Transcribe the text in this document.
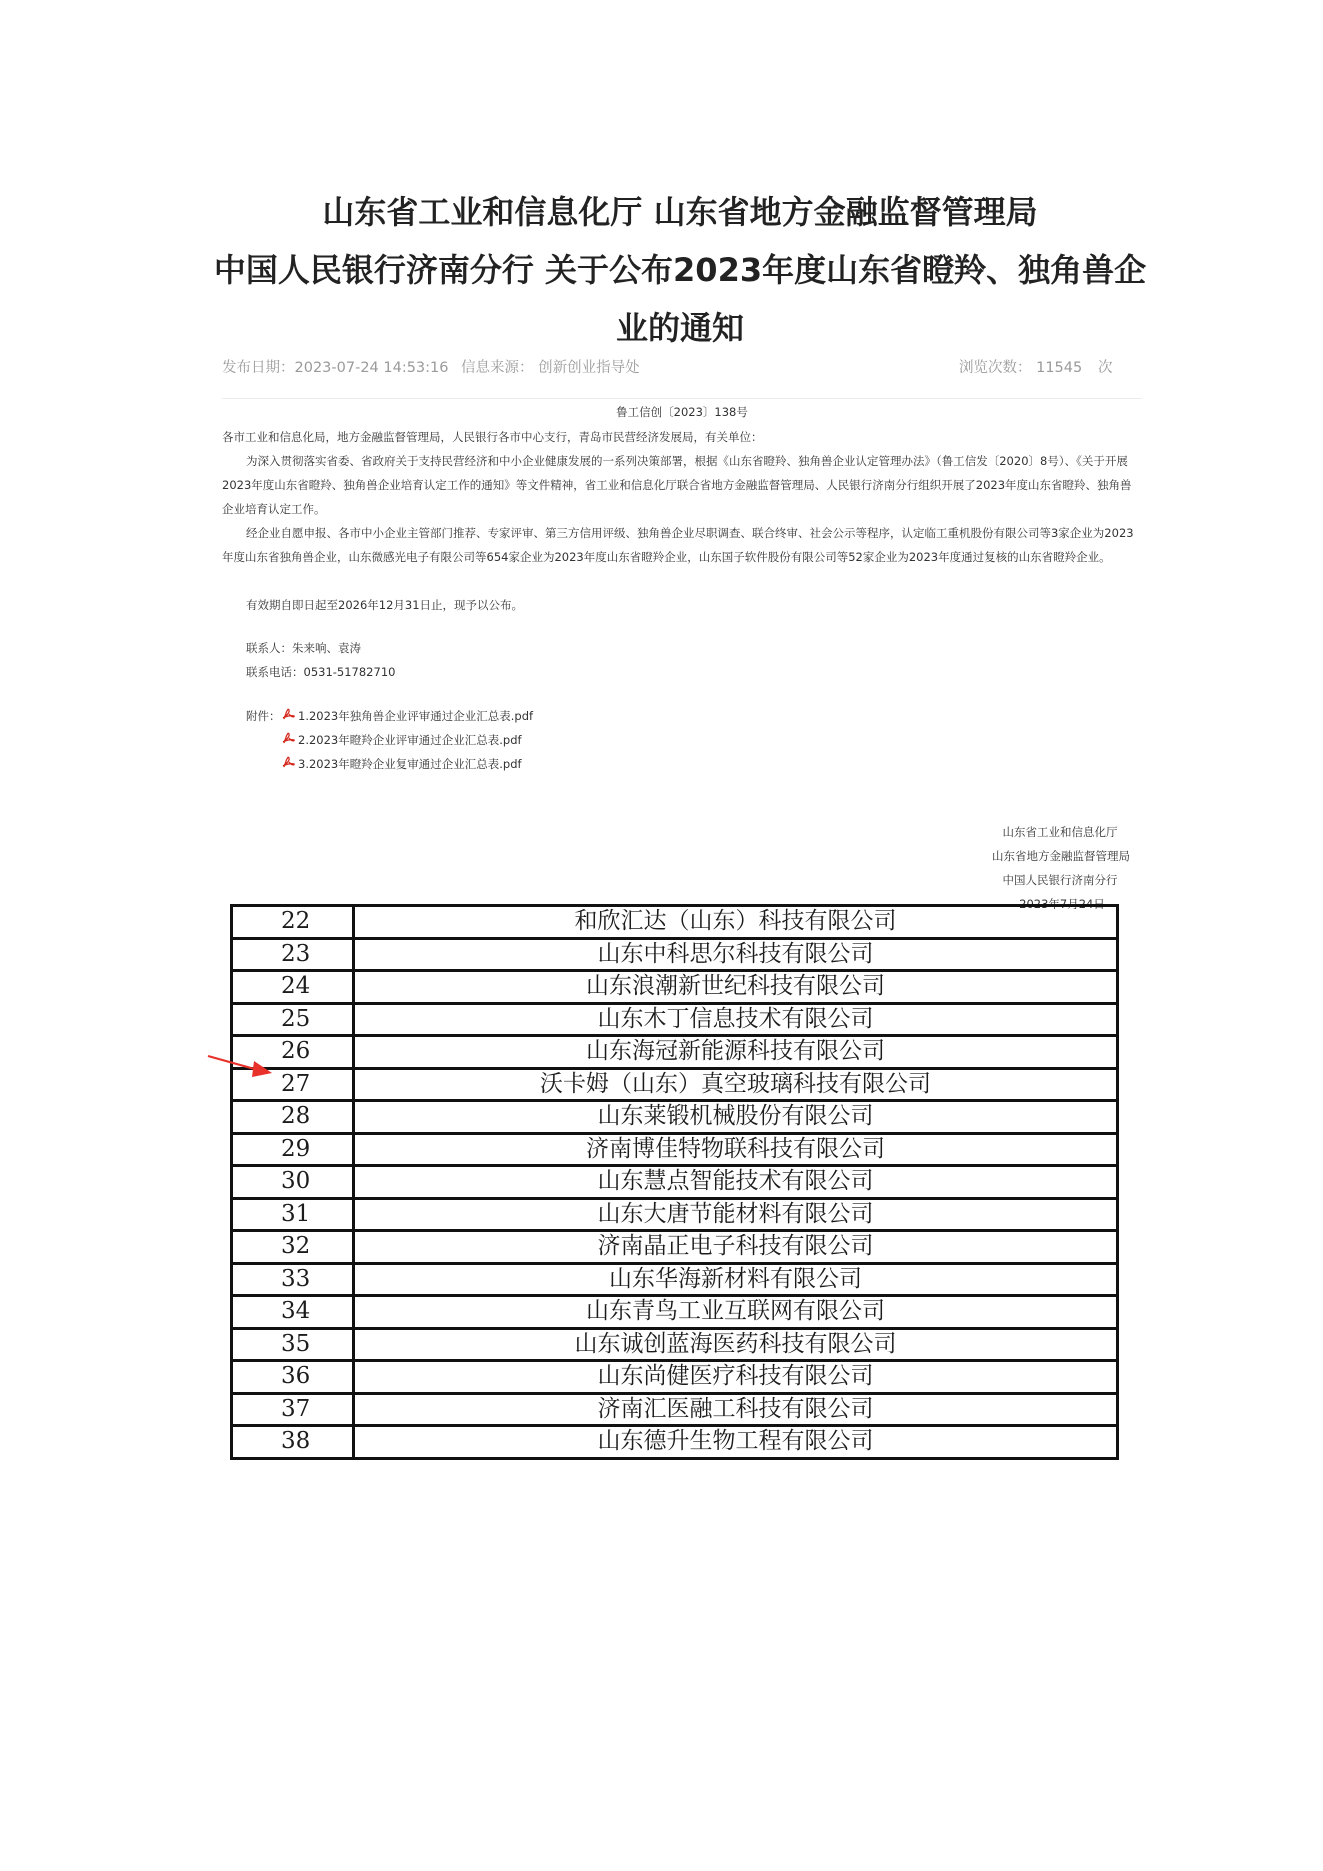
山东省工业和信息化厅 山东省地方金融监督管理局
中国人民银行济南分行 关于公布2023年度山东省瞪羚、独角兽企
业的通知
发布日期：2023-07-24 14:53:16 信息来源： 创新创业指导处	浏览次数： 11545 次
鲁工信创〔2023〕138号
各市工业和信息化局，地方金融监督管理局，人民银行各市中心支行，青岛市民营经济发展局，有关单位：
为深入贯彻落实省委、省政府关于支持民营经济和中小企业健康发展的一系列决策部署，根据《山东省瞪羚、独角兽企业认定管理办法》（鲁工信发〔2020〕8号）、《关于开展2023年度山东省瞪羚、独角兽企业培育认定工作的通知》等文件精神，省工业和信息化厅联合省地方金融监督管理局、人民银行济南分行组织开展了2023年度山东省瞪羚、独角兽企业培育认定工作。
经企业自愿申报、各市中小企业主管部门推荐、专家评审、第三方信用评级、独角兽企业尽职调查、联合终审、社会公示等程序，认定临工重机股份有限公司等3家企业为2023年度山东省独角兽企业，山东微感光电子有限公司等654家企业为2023年度山东省瞪羚企业，山东国子软件股份有限公司等52家企业为2023年度通过复核的山东省瞪羚企业。
有效期自即日起至2026年12月31日止，现予以公布。
联系人：朱来响、袁涛
联系电话：0531-51782710
附件： 1.2023年独角兽企业评审通过企业汇总表.pdf
2.2023年瞪羚企业评审通过企业汇总表.pdf
3.2023年瞪羚企业复审通过企业汇总表.pdf
山东省工业和信息化厅
山东省地方金融监督管理局
中国人民银行济南分行
2023年7月24日
22	和欣汇达（山东）科技有限公司
23	山东中科思尔科技有限公司
24	山东浪潮新世纪科技有限公司
25	山东木丁信息技术有限公司
26	山东海冠新能源科技有限公司
27	沃卡姆（山东）真空玻璃科技有限公司
28	山东莱锻机械股份有限公司
29	济南博佳特物联科技有限公司
30	山东慧点智能技术有限公司
31	山东大唐节能材料有限公司
32	济南晶正电子科技有限公司
33	山东华海新材料有限公司
34	山东青鸟工业互联网有限公司
35	山东诚创蓝海医药科技有限公司
36	山东尚健医疗科技有限公司
37	济南汇医融工科技有限公司
38	山东德升生物工程有限公司
